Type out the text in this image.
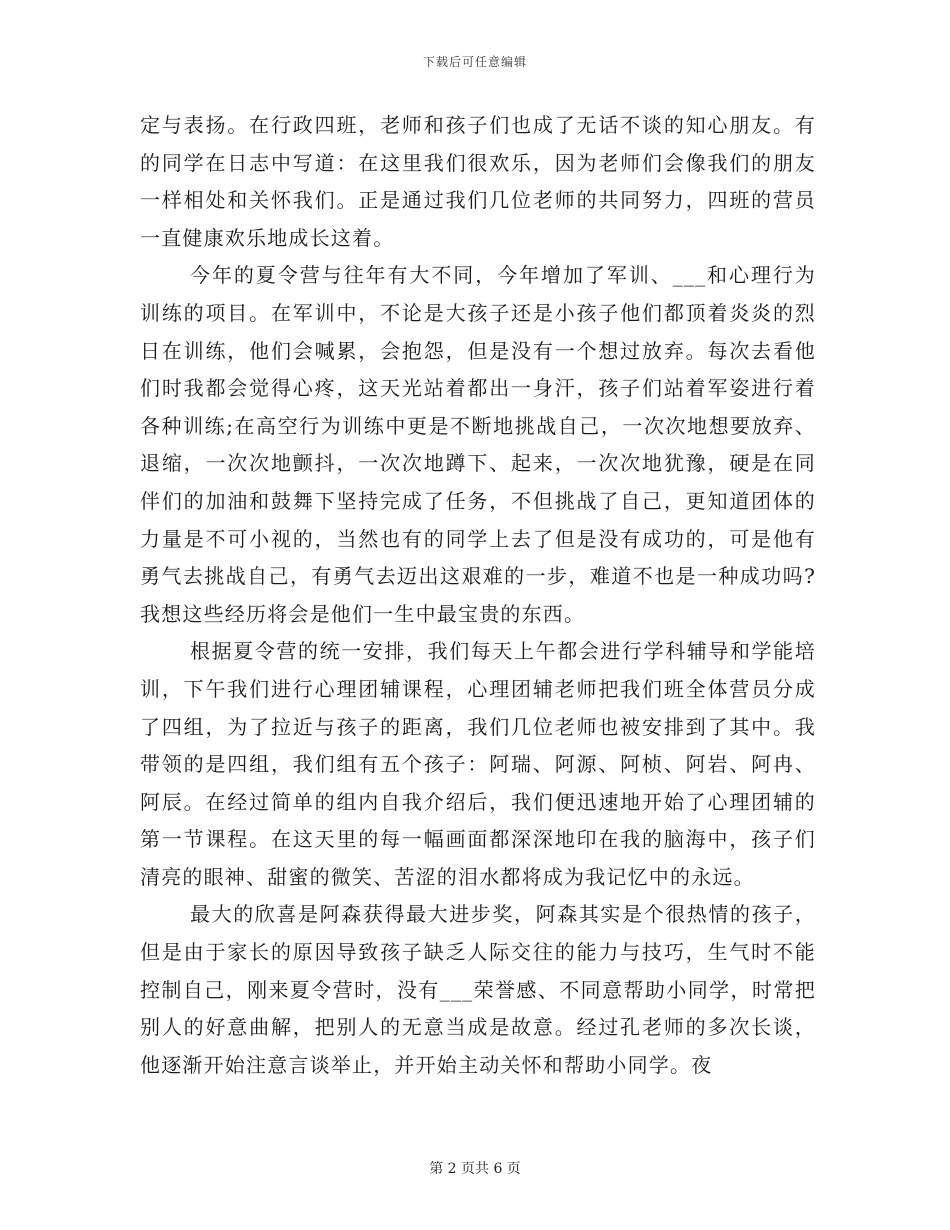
下载后可任意编辑

定与表扬。在行政四班，老师和孩子们也成了无话不谈的知心朋友。有的同学在日志中写道：在这里我们很欢乐，因为老师们会像我们的朋友一样相处和关怀我们。正是通过我们几位老师的共同努力，四班的营员一直健康欢乐地成长这着。

今年的夏令营与往年有大不同，今年增加了军训、___和心理行为训练的项目。在军训中，不论是大孩子还是小孩子他们都顶着炎炎的烈日在训练，他们会喊累，会抱怨，但是没有一个想过放弃。每次去看他们时我都会觉得心疼，这天光站着都出一身汗，孩子们站着军姿进行着各种训练;在高空行为训练中更是不断地挑战自己，一次次地想要放弃、退缩，一次次地颤抖，一次次地蹲下、起来，一次次地犹豫，硬是在同伴们的加油和鼓舞下坚持完成了任务，不但挑战了自己，更知道团体的力量是不可小视的，当然也有的同学上去了但是没有成功的，可是他有勇气去挑战自己，有勇气去迈出这艰难的一步，难道不也是一种成功吗?我想这些经历将会是他们一生中最宝贵的东西。

根据夏令营的统一安排，我们每天上午都会进行学科辅导和学能培训，下午我们进行心理团辅课程，心理团辅老师把我们班全体营员分成了四组，为了拉近与孩子的距离，我们几位老师也被安排到了其中。我带领的是四组，我们组有五个孩子：阿瑞、阿源、阿桢、阿岩、阿冉、阿辰。在经过简单的组内自我介绍后，我们便迅速地开始了心理团辅的第一节课程。在这天里的每一幅画面都深深地印在我的脑海中，孩子们清亮的眼神、甜蜜的微笑、苦涩的泪水都将成为我记忆中的永远。

最大的欣喜是阿森获得最大进步奖，阿森其实是个很热情的孩子，但是由于家长的原因导致孩子缺乏人际交往的能力与技巧，生气时不能控制自己，刚来夏令营时，没有___荣誉感、不同意帮助小同学，时常把别人的好意曲解，把别人的无意当成是故意。经过孔老师的多次长谈，他逐渐开始注意言谈举止，并开始主动关怀和帮助小同学。夜

第 2 页共 6 页
